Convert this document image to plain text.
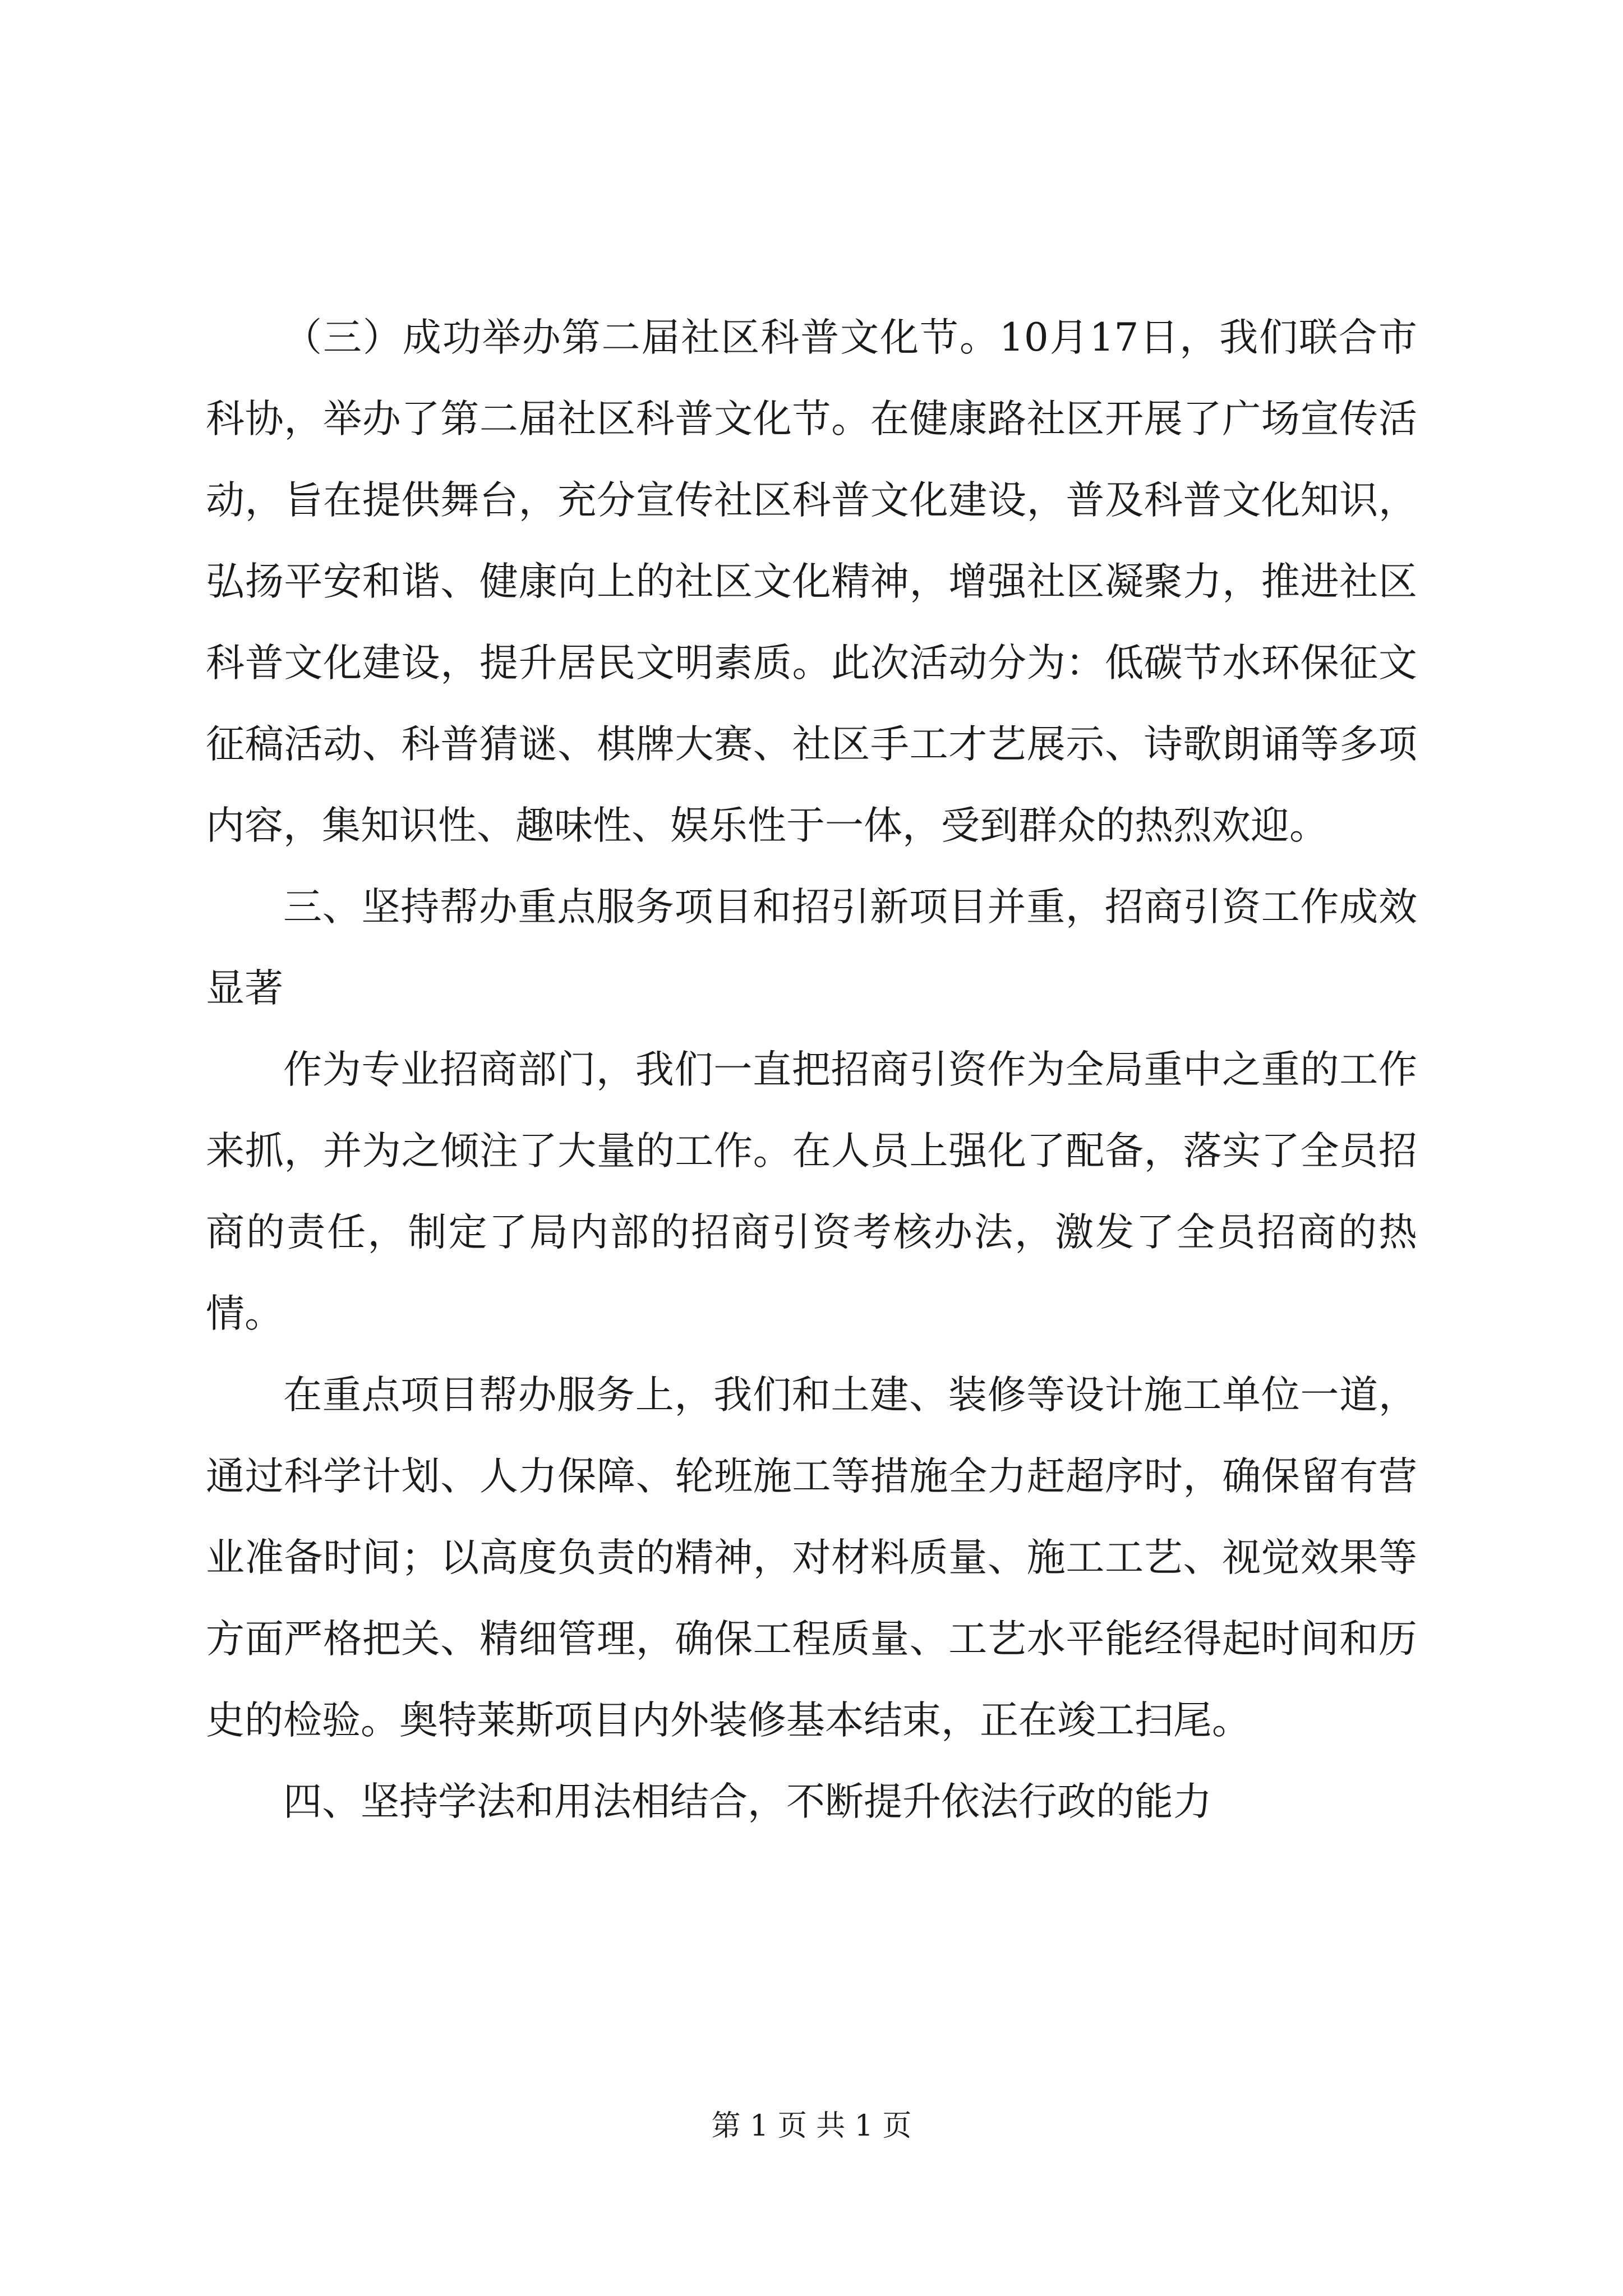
（三）成功举办第二届社区科普文化节。10月17日，我们联合市科协，举办了第二届社区科普文化节。在健康路社区开展了广场宣传活动，旨在提供舞台，充分宣传社区科普文化建设，普及科普文化知识，弘扬平安和谐、健康向上的社区文化精神，增强社区凝聚力，推进社区科普文化建设，提升居民文明素质。此次活动分为：低碳节水环保征文征稿活动、科普猜谜、棋牌大赛、社区手工才艺展示、诗歌朗诵等多项内容，集知识性、趣味性、娱乐性于一体，受到群众的热烈欢迎。

三、坚持帮办重点服务项目和招引新项目并重，招商引资工作成效显著

作为专业招商部门，我们一直把招商引资作为全局重中之重的工作来抓，并为之倾注了大量的工作。在人员上强化了配备，落实了全员招商的责任，制定了局内部的招商引资考核办法，激发了全员招商的热情。

在重点项目帮办服务上，我们和土建、装修等设计施工单位一道，通过科学计划、人力保障、轮班施工等措施全力赶超序时，确保留有营业准备时间；以高度负责的精神，对材料质量、施工工艺、视觉效果等方面严格把关、精细管理，确保工程质量、工艺水平能经得起时间和历史的检验。奥特莱斯项目内外装修基本结束，正在竣工扫尾。

四、坚持学法和用法相结合，不断提升依法行政的能力

第 1 页 共 1 页
